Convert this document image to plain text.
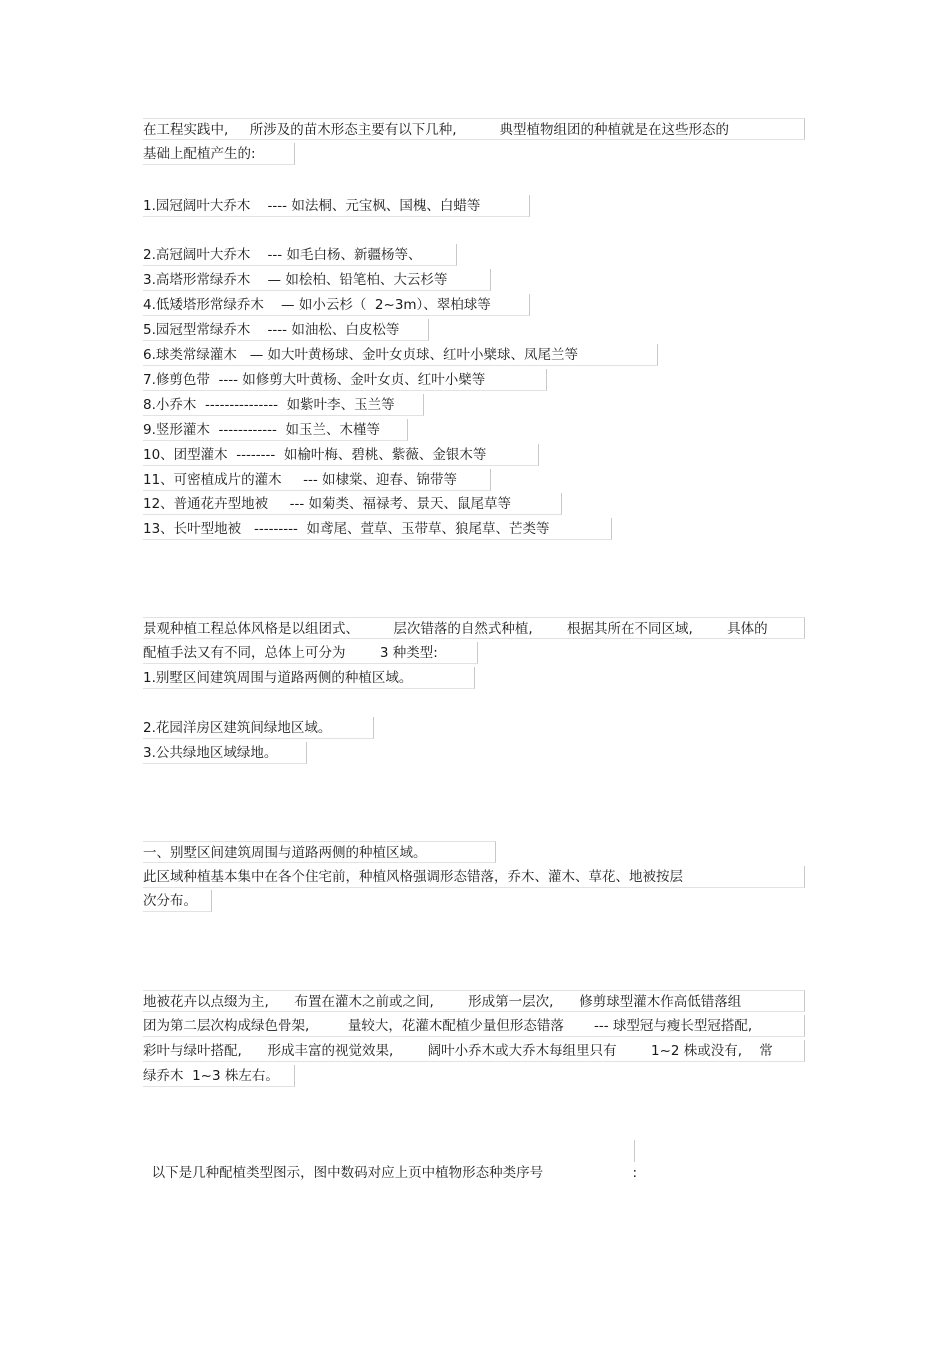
在工程实践中,     所涉及的苗木形态主要有以下几种,          典型植物组团的种植就是在这些形态的
基础上配植产生的:
1.园冠阔叶大乔木    ---- 如法桐、元宝枫、国槐、白蜡等
2.高冠阔叶大乔木    --- 如毛白杨、新疆杨等、
3.高塔形常绿乔木    — 如桧柏、铅笔柏、大云杉等
4.低矮塔形常绿乔木    — 如小云杉（  2~3m）、翠柏球等
5.园冠型常绿乔木    ---- 如油松、白皮松等
6.球类常绿灌木   — 如大叶黄杨球、金叶女贞球、红叶小檗球、凤尾兰等
7.修剪色带  ---- 如修剪大叶黄杨、金叶女贞、红叶小檗等
8.小乔木  ---------------  如紫叶李、玉兰等
9.竖形灌木  ------------  如玉兰、木槿等
10、团型灌木  --------  如榆叶梅、碧桃、紫薇、金银木等
11、可密植成片的灌木     --- 如棣棠、迎春、锦带等
12、普通花卉型地被     --- 如菊类、福禄考、景天、鼠尾草等
13、长叶型地被   ---------  如鸢尾、萱草、玉带草、狼尾草、芒类等
景观种植工程总体风格是以组团式、        层次错落的自然式种植,        根据其所在不同区域,        具体的
配植手法又有不同，总体上可分为        3 种类型:
1.别墅区间建筑周围与道路两侧的种植区域。
2.花园洋房区建筑间绿地区域。
3.公共绿地区域绿地。
一、别墅区间建筑周围与道路两侧的种植区域。
此区域种植基本集中在各个住宅前，种植风格强调形态错落，乔木、灌木、草花、地被按层
次分布。
地被花卉以点缀为主,      布置在灌木之前或之间,        形成第一层次,      修剪球型灌木作高低错落组
团为第二层次构成绿色骨架,         量较大，花灌木配植少量但形态错落       --- 球型冠与瘦长型冠搭配,
彩叶与绿叶搭配,      形成丰富的视觉效果,        阔叶小乔木或大乔木每组里只有        1~2 株或没有,    常
绿乔木  1~3 株左右。

以下是几种配植类型图示，图中数码对应上页中植物形态种类序号	:
